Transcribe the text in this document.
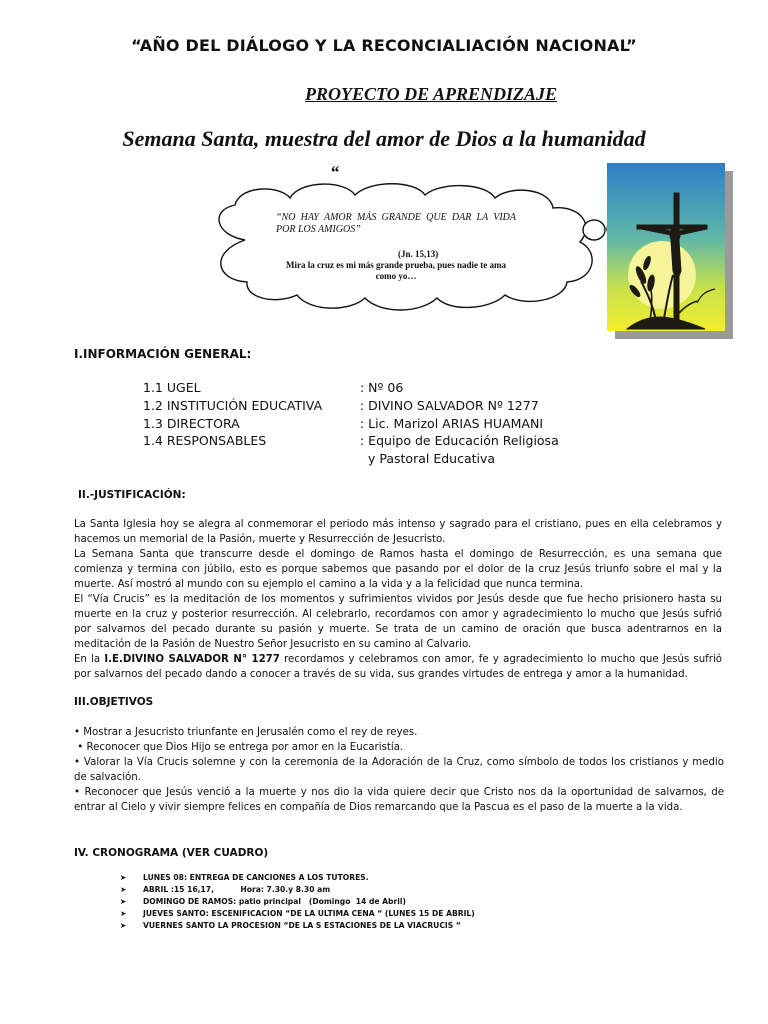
“AÑO DEL DIÁLOGO Y LA RECONCIALIACIÓN NACIONAL”
PROYECTO DE APRENDIZAJE
Semana Santa, muestra del amor de Dios a la humanidad
“
“NO HAY AMOR MÁS GRANDE QUE DAR LA VIDA POR LOS AMIGOS”
(Jn. 15,13)
Mira la cruz es mi más grande prueba, pues nadie te ama como yo…
I.INFORMACIÓN GENERAL:
1.1 UGEL	: Nº 06
1.2 INSTITUCIÓN EDUCATIVA	: DIVINO SALVADOR Nº 1277
1.3 DIRECTORA	: Lic. Marizol ARIAS HUAMANI
1.4 RESPONSABLES	: Equipo de Educación Religiosa
y Pastoral Educativa
II.-JUSTIFICACIÓN:
La Santa Iglesia hoy se alegra al conmemorar el periodo más intenso y sagrado para el cristiano, pues en ella celebramos y hacemos un memorial de la Pasión, muerte y Resurrección de Jesucristo.
La Semana Santa que transcurre desde el domingo de Ramos hasta el domingo de Resurrección, es una semana que comienza y termina con júbilo, esto es porque sabemos que pasando por el dolor de la cruz Jesús triunfo sobre el mal y la muerte. Así mostró al mundo con su ejemplo el camino a la vida y a la felicidad que nunca termina.
El “Vía Crucis” es la meditación de los momentos y sufrimientos vividos por Jesús desde que fue hecho prisionero hasta su muerte en la cruz y posterior resurrección. Al celebrarlo, recordamos con amor y agradecimiento lo mucho que Jesús sufrió por salvarnos del pecado durante su pasión y muerte. Se trata de un camino de oración que busca adentrarnos en la meditación de la Pasión de Nuestro Señor Jesucristo en su camino al Calvario.
En la I.E.DIVINO SALVADOR N° 1277 recordamos y celebramos con amor, fe y agradecimiento lo mucho que Jesús sufrió por salvarnos del pecado dando a conocer a través de su vida, sus grandes virtudes de entrega y amor a la humanidad.
III.OBJETIVOS
• Mostrar a Jesucristo triunfante en Jerusalén como el rey de reyes.
• Reconocer que Dios Hijo se entrega por amor en la Eucaristía.
• Valorar la Vía Crucis solemne y con la ceremonia de la Adoración de la Cruz, como símbolo de todos los cristianos y medio de salvación.
• Reconocer que Jesús venció a la muerte y nos dio la vida quiere decir que Cristo nos da la oportunidad de salvarnos, de entrar al Cielo y vivir siempre felices en compañía de Dios remarcando que la Pascua es el paso de la muerte a la vida.
IV. CRONOGRAMA (VER CUADRO)
➤ LUNES 08: ENTREGA DE CANCIONES A LOS TUTORES.
➤ ABRIL :15 16,17,          Hora: 7.30.y 8.30 am
➤ DOMINGO DE RAMOS: patio principal   (Domingo  14 de Abril)
➤ JUEVES SANTO: ESCENIFICACION “DE LA ULTIMA CENA “ (LUNES 15 DE ABRIL)
➤ VUERNES SANTO LA PROCESION “DE LA S ESTACIONES DE LA VIACRUCIS “
